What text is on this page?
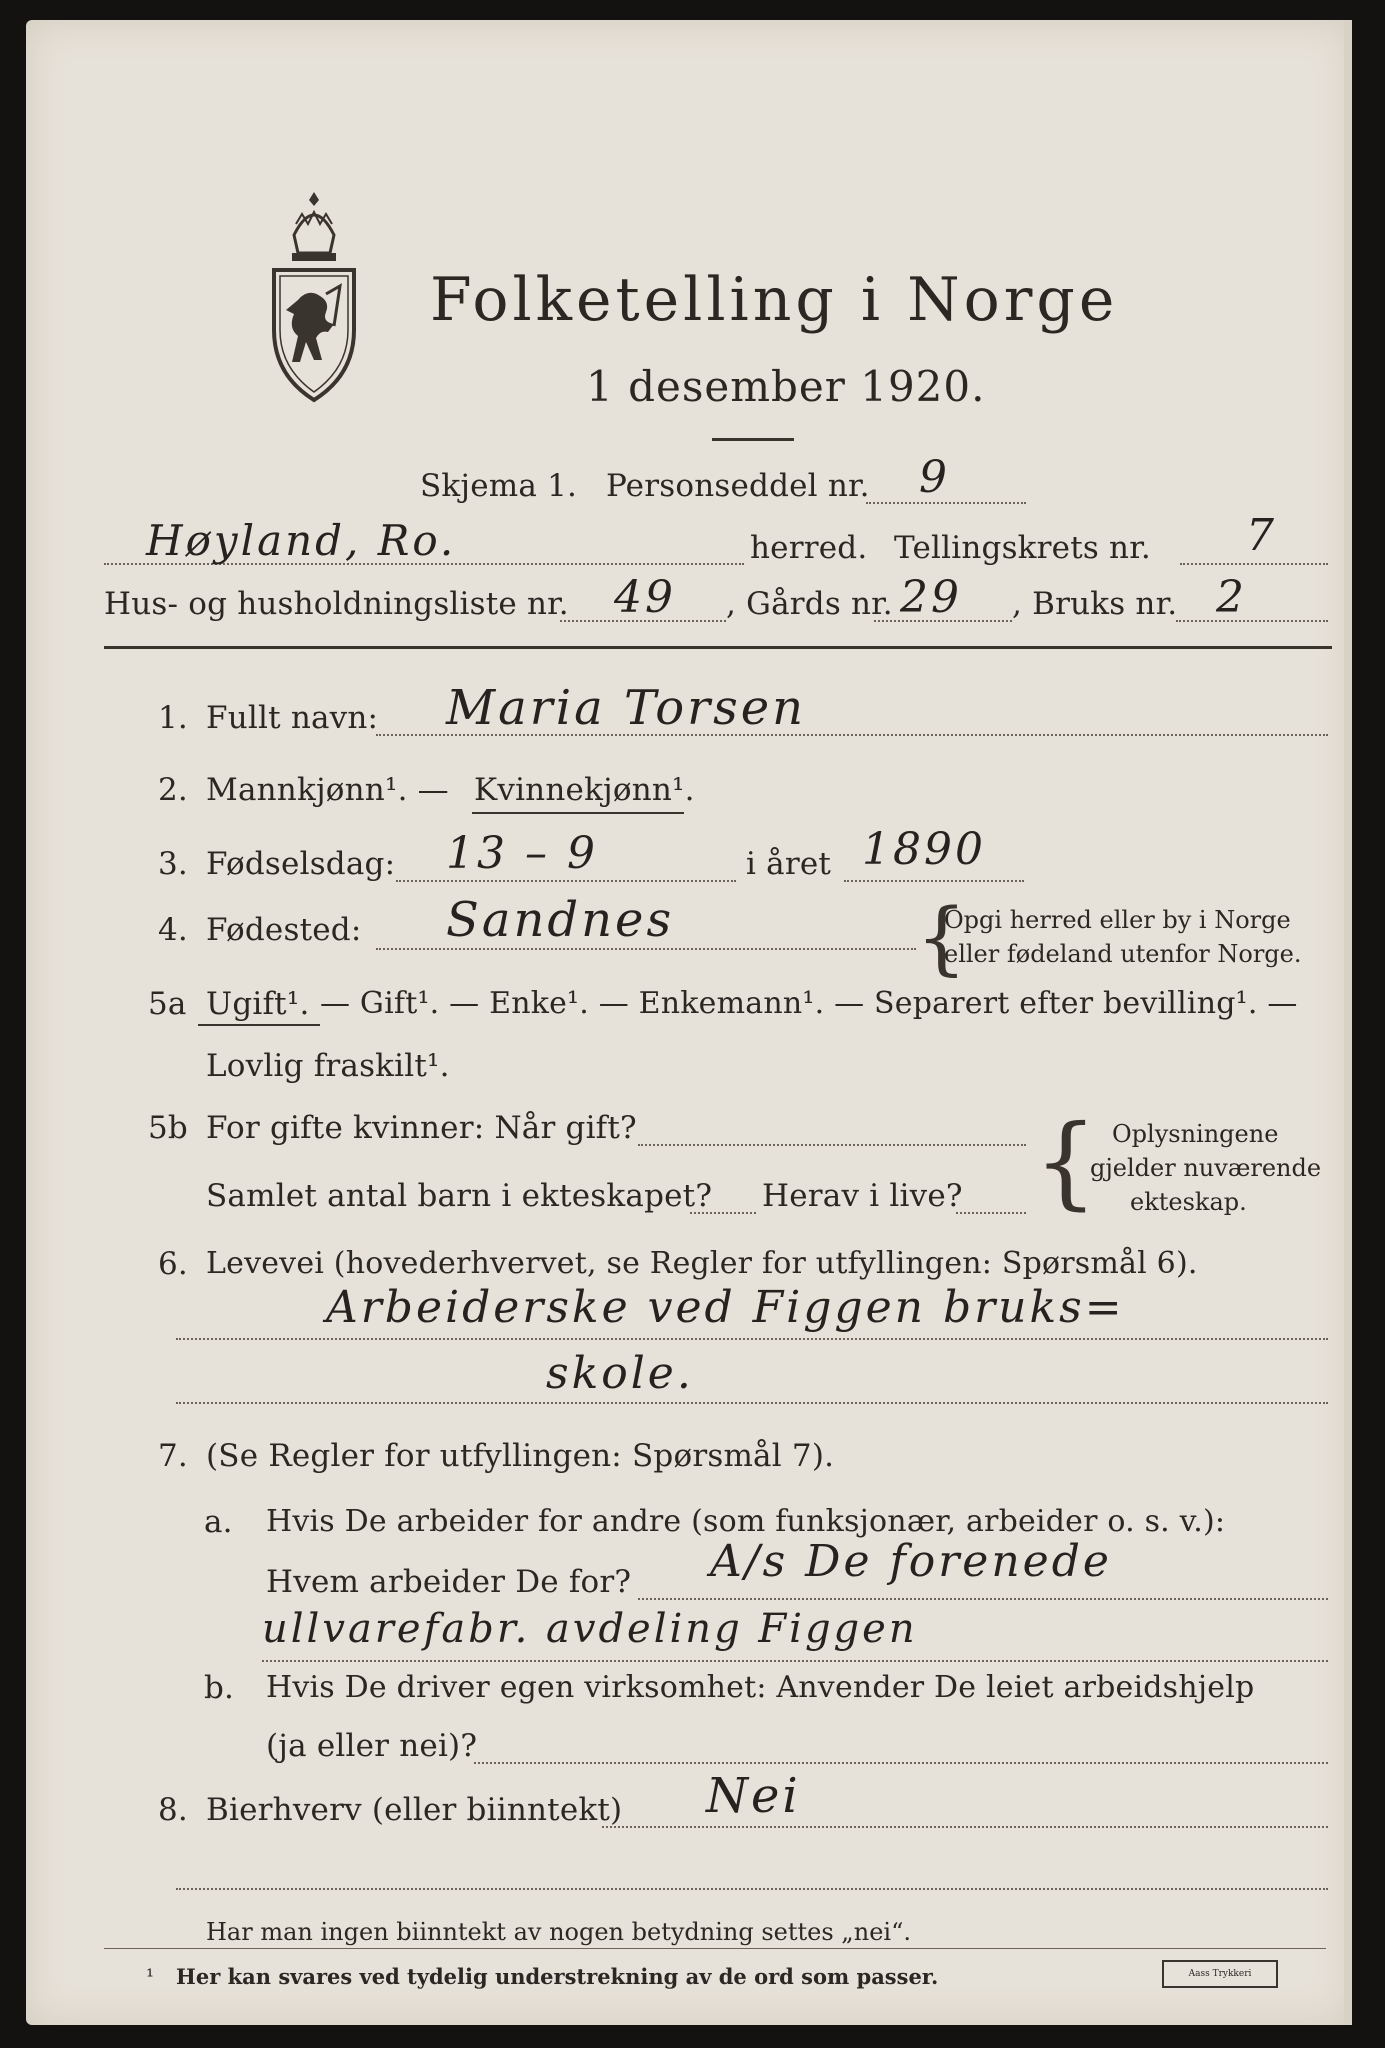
Folketelling i Norge
1 desember 1920.
Skjema 1. Personseddel nr. 9
Høyland, Ro.	herred. Tellingskrets nr. 7
Hus- og husholdningsliste nr. 49 , Gårds nr. 29 , Bruks nr. 2
1. Fullt navn: Maria Torsen
2. Mannkjønn¹. — Kvinnekjønn¹.
3. Fødselsdag: 13 – 9	i året 1890
4. Fødested: Sandnes	{
Opgi herred eller by i Norge
eller fødeland utenfor Norge.
5a Ugift¹. — Gift¹. — Enke¹. — Enkemann¹. — Separert efter bevilling¹. —
Lovlig fraskilt¹.
5b For gifte kvinner: Når gift?
Samlet antal barn i ekteskapet? Herav i live? { Oplysningene
gjelder nuværende
ekteskap.
6. Levevei (hovederhvervet, se Regler for utfyllingen: Spørsmål 6).
Arbeiderske ved Figgen bruks=
skole.
7. (Se Regler for utfyllingen: Spørsmål 7).
a. Hvis De arbeider for andre (som funksjonær, arbeider o. s. v.):
Hvem arbeider De for? A/s De forenede
ullvarefabr. avdeling Figgen
b. Hvis De driver egen virksomhet: Anvender De leiet arbeidshjelp
(ja eller nei)?
8. Bierhverv (eller biinntekt) Nei
Har man ingen biinntekt av nogen betydning settes „nei“.
¹ Her kan svares ved tydelig understrekning av de ord som passer.	Aass Trykkeri
